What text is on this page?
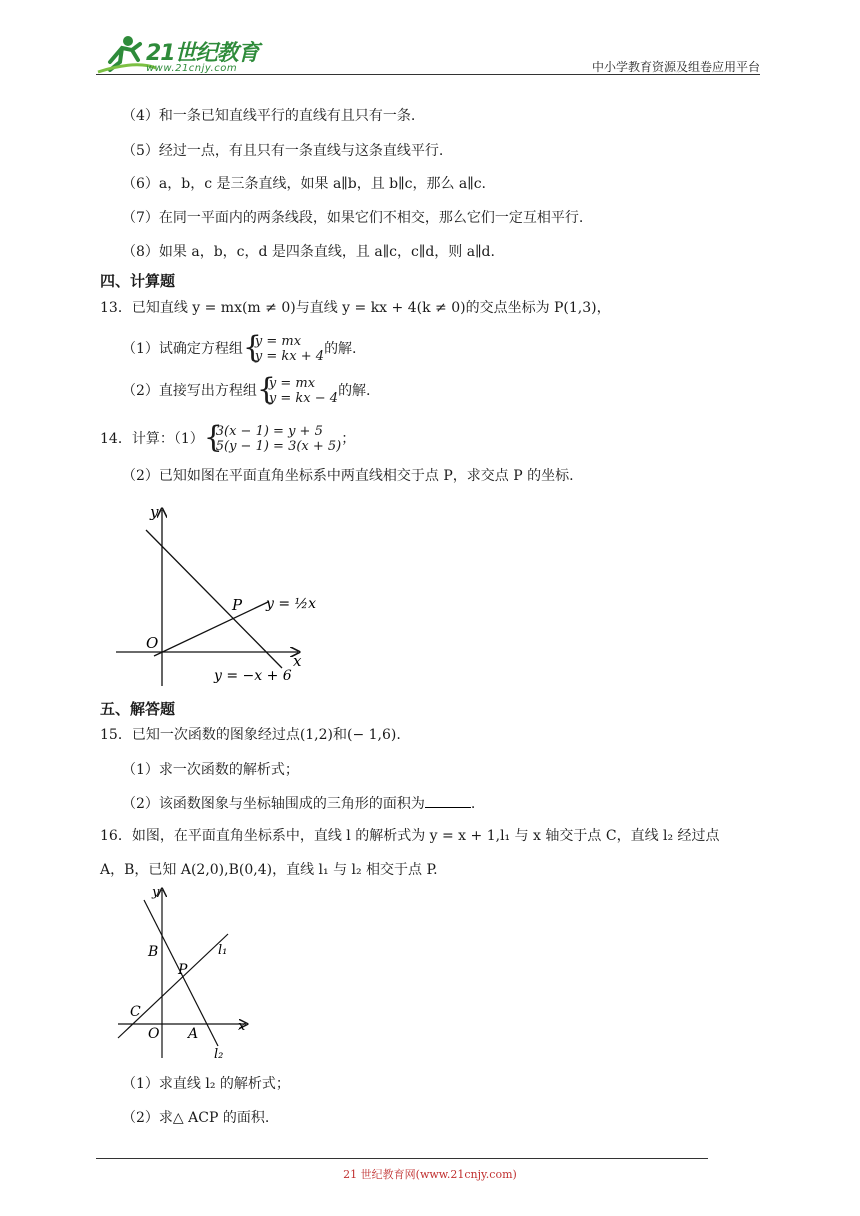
21世纪教育
www.21cnjy.com	中小学教育资源及组卷应用平台
（4）和一条已知直线平行的直线有且只有一条.
（5）经过一点，有且只有一条直线与这条直线平行.
（6）a，b，c 是三条直线，如果 a∥b，且 b∥c，那么 a∥c.
（7）在同一平面内的两条线段，如果它们不相交，那么它们一定互相平行.
（8）如果 a，b，c，d 是四条直线，且 a∥c，c∥d，则 a∥d.
四、计算题
13．已知直线 y = mx(m ≠ 0)与直线 y = kx + 4(k ≠ 0)的交点坐标为 P(1,3)，
（1）试确定方程组 {
y = mx
y = kx + 4 的解.
（2）直接写出方程组 {
y = mx
y = kx − 4 的解.
14．计算：（1） {
3(x − 1) = y + 5
5(y − 1) = 3(x + 5) ；
（2）已知如图在平面直角坐标系中两直线相交于点 P，求交点 P 的坐标.
y
x
O
P y = ½x
y = −x + 6
五、解答题
15．已知一次函数的图象经过点(1,2)和(− 1,6).
（1）求一次函数的解析式；
（2）该函数图象与坐标轴围成的三角形的面积为	.
16．如图，在平面直角坐标系中，直线 l 的解析式为 y = x + 1,l₁ 与 x 轴交于点 C，直线 l₂ 经过点
A，B，已知 A(2,0),B(0,4)，直线 l₁ 与 l₂ 相交于点 P.
y
x
O A
B
C
P
l₁
l₂
（1）求直线 l₂ 的解析式；
（2）求△ ACP 的面积.
21 世纪教育网(www.21cnjy.com)
